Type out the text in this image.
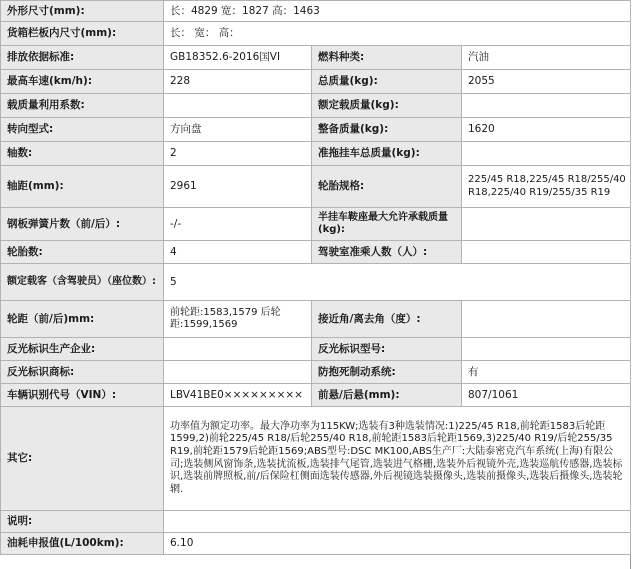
外形尺寸(mm):	长：4829 宽：1827 高：1463		
货箱栏板内尺寸(mm):	长： 宽： 高：		
排放依据标准:	GB18352.6-2016国VI	燃料种类:	汽油
最高车速(km/h):	228	总质量(kg):	2055
载质量利用系数:		额定载质量(kg):	
转向型式:	方向盘	整备质量(kg):	1620
轴数:	2	准拖挂车总质量(kg):	
轴距(mm):	2961	轮胎规格:	225/45 R18,225/45 R18/255/40 R18,225/40 R19/255/35 R19
钢板弹簧片数（前/后）:	-/-	半挂车鞍座最大允许承载质量(kg):	
轮胎数:	4	驾驶室准乘人数（人）:	
额定载客（含驾驶员）（座位数）:	5		
轮距（前/后)mm:	前轮距:1583,1579 后轮距:1599,1569	接近角/离去角（度）:	
反光标识生产企业:		反光标识型号:	
反光标识商标:		防抱死制动系统:	有
车辆识别代号（VIN）:	LBV41BE0×××××××××	前悬/后悬(mm):	807/1061
其它:	功率值为额定功率。最大净功率为115KW;选装有3种选装情况:1)225/45 R18,前轮距1583后轮距1599,2)前轮225/45 R18/后轮255/40 R18,前轮距1583后轮距1569,3)225/40 R19/后轮255/35 R19,前轮距1579后轮距1569;ABS型号:DSC MK100,ABS生产厂:大陆泰密克汽车系统(上海)有限公司;选装侧风窗饰条,选装扰流板,选装排气尾管,选装进气格栅,选装外后视镜外壳,选装巡航传感器,选装标识,选装前牌照板,前/后保险杠侧面选装传感器,外后视镜选装摄像头,选装前摄像头,选装后摄像头,选装轮辋.		
说明:			
油耗申报值(L/100km):	6.10		
